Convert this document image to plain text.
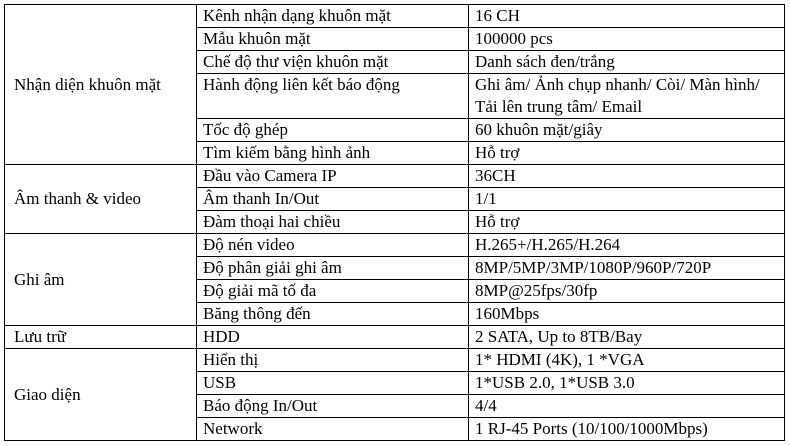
Nhận diện khuôn mặt	Kênh nhận dạng khuôn mặt	16 CH
	Mẫu khuôn mặt	100000 pcs
	Chế độ thư viện khuôn mặt	Danh sách đen/trắng
	Hành động liên kết báo động	Ghi âm/ Ảnh chụp nhanh/ Còi/ Màn hình/ Tải lên trung tâm/ Email
	Tốc độ ghép	60 khuôn mặt/giây
	Tìm kiếm bằng hình ảnh	Hỗ trợ
Âm thanh & video	Đầu vào Camera IP	36CH
	Âm thanh In/Out	1/1
	Đàm thoại hai chiều	Hỗ trợ
Ghi âm	Độ nén video	H.265+/H.265/H.264
	Độ phân giải ghi âm	8MP/5MP/3MP/1080P/960P/720P
	Độ giải mã tố đa	8MP@25fps/30fp
	Băng thông đến	160Mbps
Lưu trữ	HDD	2 SATA, Up to 8TB/Bay
Giao diện	Hiển thị	1* HDMI (4K), 1 *VGA
	USB	1*USB 2.0, 1*USB 3.0
	Báo động In/Out	4/4
	Network	1 RJ-45 Ports (10/100/1000Mbps)
